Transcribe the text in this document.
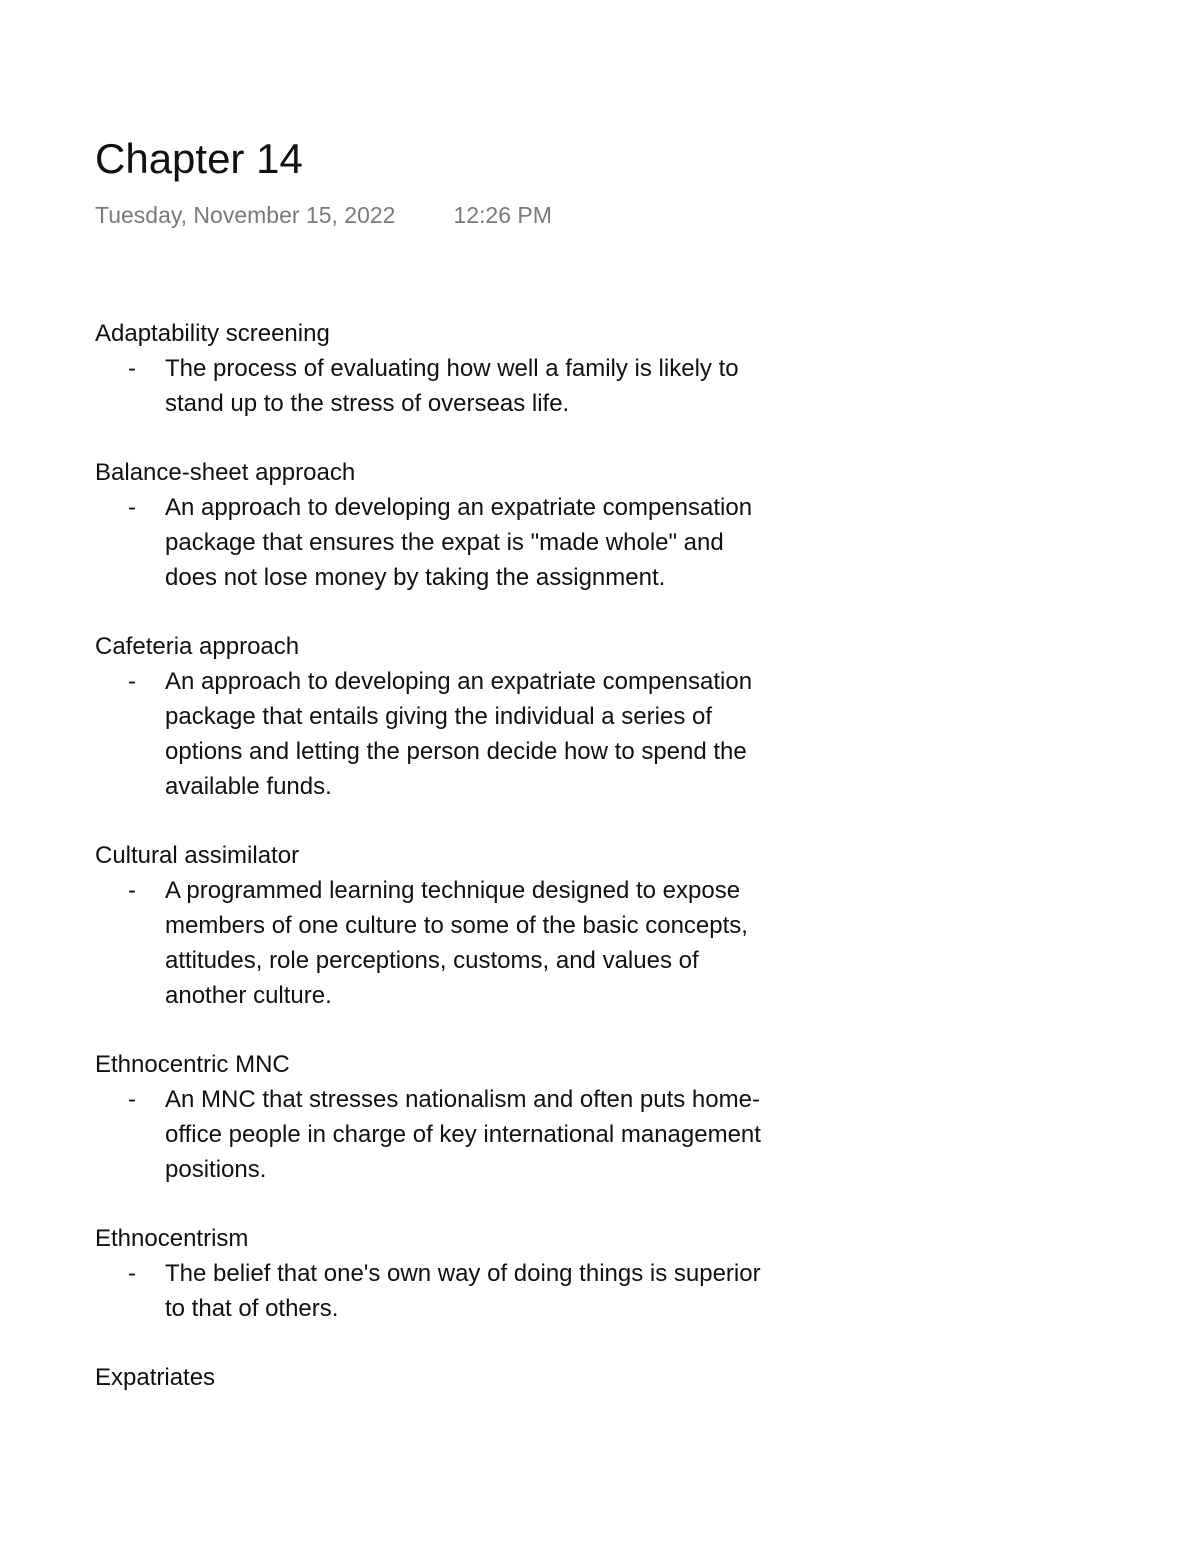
Chapter 14
Tuesday, November 15, 2022	12:26 PM

Adaptability screening

-	The process of evaluating how well a family is likely to stand up to the stress of overseas life.

Balance-sheet approach

-	An approach to developing an expatriate compensation package that ensures the expat is "made whole" and does not lose money by taking the assignment.

Cafeteria approach

-	An approach to developing an expatriate compensation package that entails giving the individual a series of options and letting the person decide how to spend the available funds.

Cultural assimilator

-	A programmed learning technique designed to expose members of one culture to some of the basic concepts, attitudes, role perceptions, customs, and values of another culture.

Ethnocentric MNC

-	An MNC that stresses nationalism and often puts home-office people in charge of key international management positions.

Ethnocentrism

-	The belief that one's own way of doing things is superior to that of others.

Expatriates
